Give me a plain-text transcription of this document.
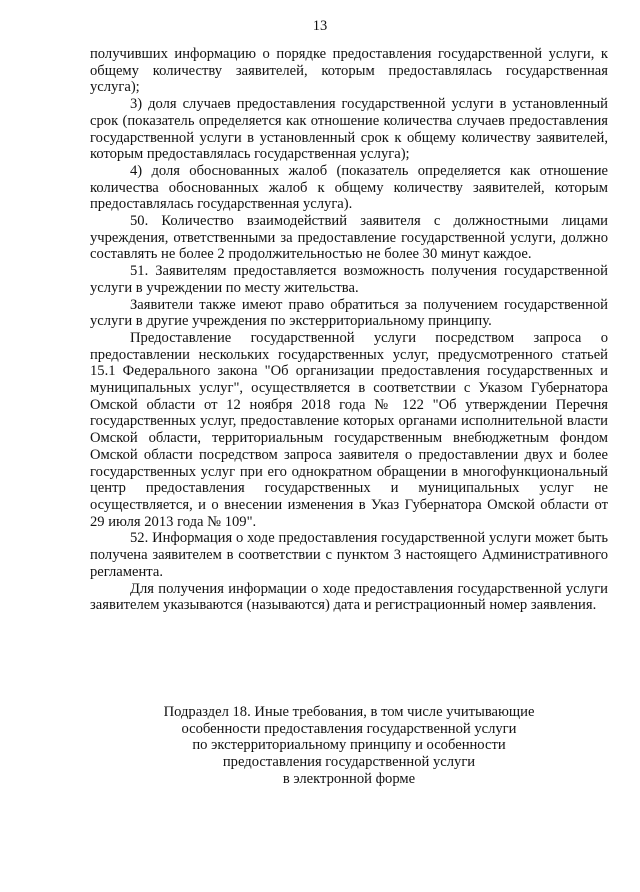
13

получивших информацию о порядке предоставления государственной услуги, к общему количеству заявителей, которым предоставлялась государственная услуга);

3) доля случаев предоставления государственной услуги в установленный срок (показатель определяется как отношение количества случаев предоставления государственной услуги в установленный срок к общему количеству заявителей, которым предоставлялась государственная услуга);

4) доля обоснованных жалоб (показатель определяется как отношение количества обоснованных жалоб к общему количеству заявителей, которым предоставлялась государственная услуга).

50. Количество взаимодействий заявителя с должностными лицами учреждения, ответственными за предоставление государственной услуги, должно составлять не более 2 продолжительностью не более 30 минут каждое.

51. Заявителям предоставляется возможность получения государственной услуги в учреждении по месту жительства.

Заявители также имеют право обратиться за получением государственной услуги в другие учреждения по экстерриториальному принципу.

Предоставление государственной услуги посредством запроса о предоставлении нескольких государственных услуг, предусмотренного статьей 15.1 Федерального закона "Об организации предоставления государственных и муниципальных услуг", осуществляется в соответствии с Указом Губернатора Омской области от 12 ноября 2018 года № 122 "Об утверждении Перечня государственных услуг, предоставление которых органами исполнительной власти Омской области, территориальным государственным внебюджетным фондом Омской области посредством запроса заявителя о предоставлении двух и более государственных услуг при его однократном обращении в многофункциональный центр предоставления государственных и муниципальных услуг не осуществляется, и о внесении изменения в Указ Губернатора Омской области от 29 июля 2013 года № 109".

52. Информация о ходе предоставления государственной услуги может быть получена заявителем в соответствии с пунктом 3 настоящего Административного регламента.

Для получения информации о ходе предоставления государственной услуги заявителем указываются (называются) дата и регистрационный номер заявления.

Подраздел 18. Иные требования, в том числе учитывающие
особенности предоставления государственной услуги
по экстерриториальному принципу и особенности
предоставления государственной услуги
в электронной форме
